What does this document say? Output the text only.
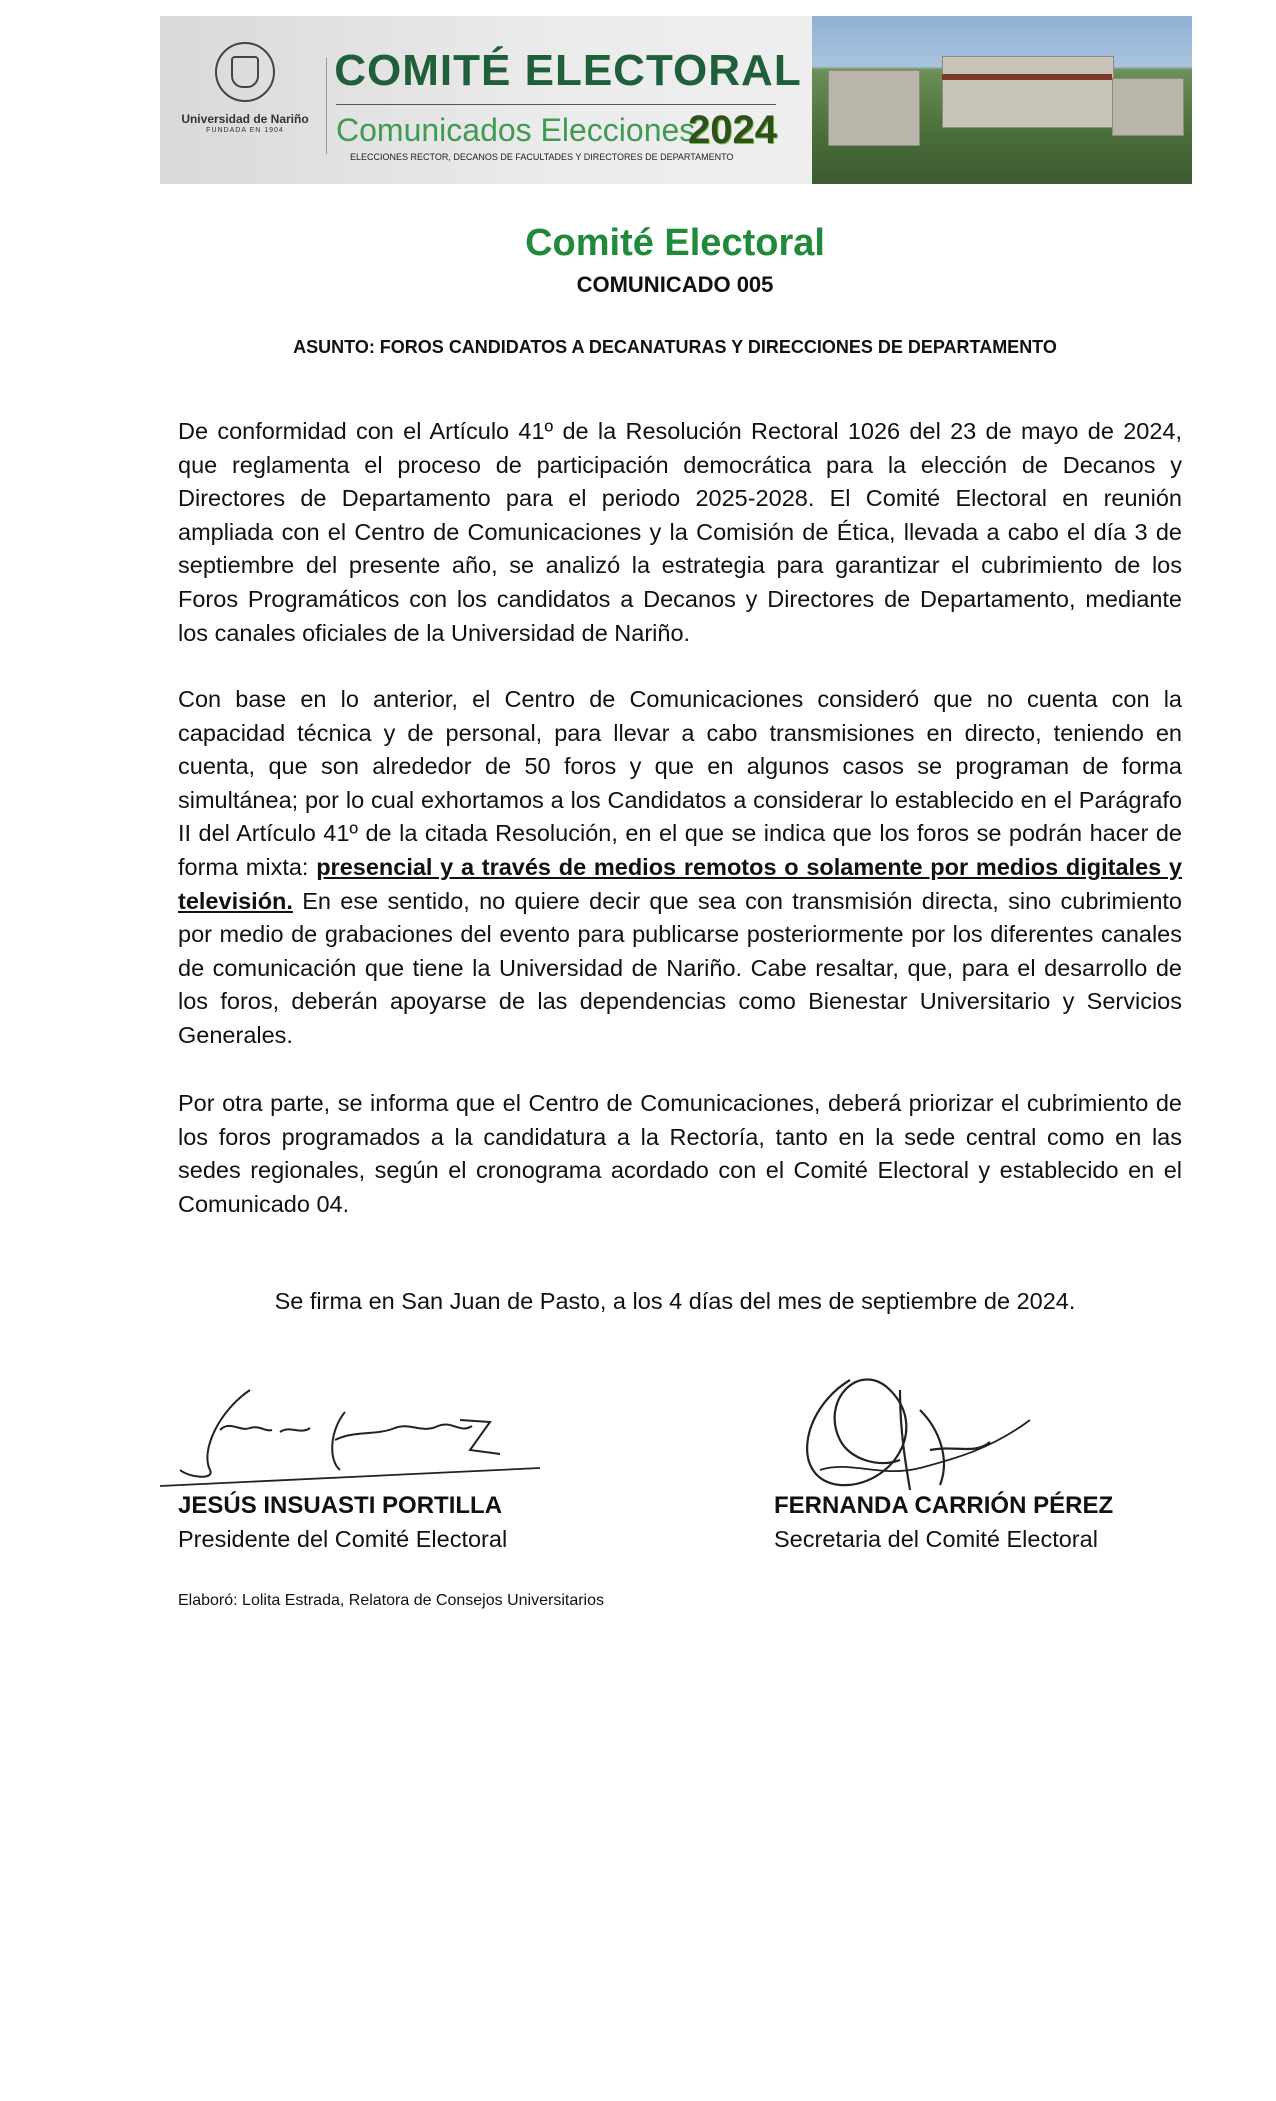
Universidad de Nariño
FUNDADA EN 1904
COMITÉ ELECTORAL
Comunicados Elecciones
2024
ELECCIONES RECTOR, DECANOS DE FACULTADES Y DIRECTORES DE DEPARTAMENTO
Comité Electoral
COMUNICADO 005
ASUNTO: FOROS CANDIDATOS A DECANATURAS Y DIRECCIONES DE DEPARTAMENTO
De conformidad con el Artículo 41º de la Resolución Rectoral 1026 del 23 de mayo de 2024, que reglamenta el proceso de participación democrática para la elección de Decanos y Directores de Departamento para el periodo 2025-2028. El Comité Electoral en reunión ampliada con el Centro de Comunicaciones y la Comisión de Ética, llevada a cabo el día 3 de septiembre del presente año, se analizó la estrategia para garantizar el cubrimiento de los Foros Programáticos con los candidatos a Decanos y Directores de Departamento, mediante los canales oficiales de la Universidad de Nariño.
Con base en lo anterior, el Centro de Comunicaciones consideró que no cuenta con la capacidad técnica y de personal, para llevar a cabo transmisiones en directo, teniendo en cuenta, que son alrededor de 50 foros y que en algunos casos se programan de forma simultánea; por lo cual exhortamos a los Candidatos a considerar lo establecido en el Parágrafo II del Artículo 41º de la citada Resolución, en el que se indica que los foros se podrán hacer de forma mixta: presencial y a través de medios remotos o solamente por medios digitales y televisión. En ese sentido, no quiere decir que sea con transmisión directa, sino cubrimiento por medio de grabaciones del evento para publicarse posteriormente por los diferentes canales de comunicación que tiene la Universidad de Nariño. Cabe resaltar, que, para el desarrollo de los foros, deberán apoyarse de las dependencias como Bienestar Universitario y Servicios Generales.
Por otra parte, se informa que el Centro de Comunicaciones, deberá priorizar el cubrimiento de los foros programados a la candidatura a la Rectoría, tanto en la sede central como en las sedes regionales, según el cronograma acordado con el Comité Electoral y establecido en el Comunicado 04.
Se firma en San Juan de Pasto, a los 4 días del mes de septiembre de 2024.
JESÚS INSUASTI PORTILLA
Presidente del Comité Electoral
FERNANDA CARRIÓN PÉREZ
Secretaria del Comité Electoral
Elaboró: Lolita Estrada, Relatora de Consejos Universitarios
